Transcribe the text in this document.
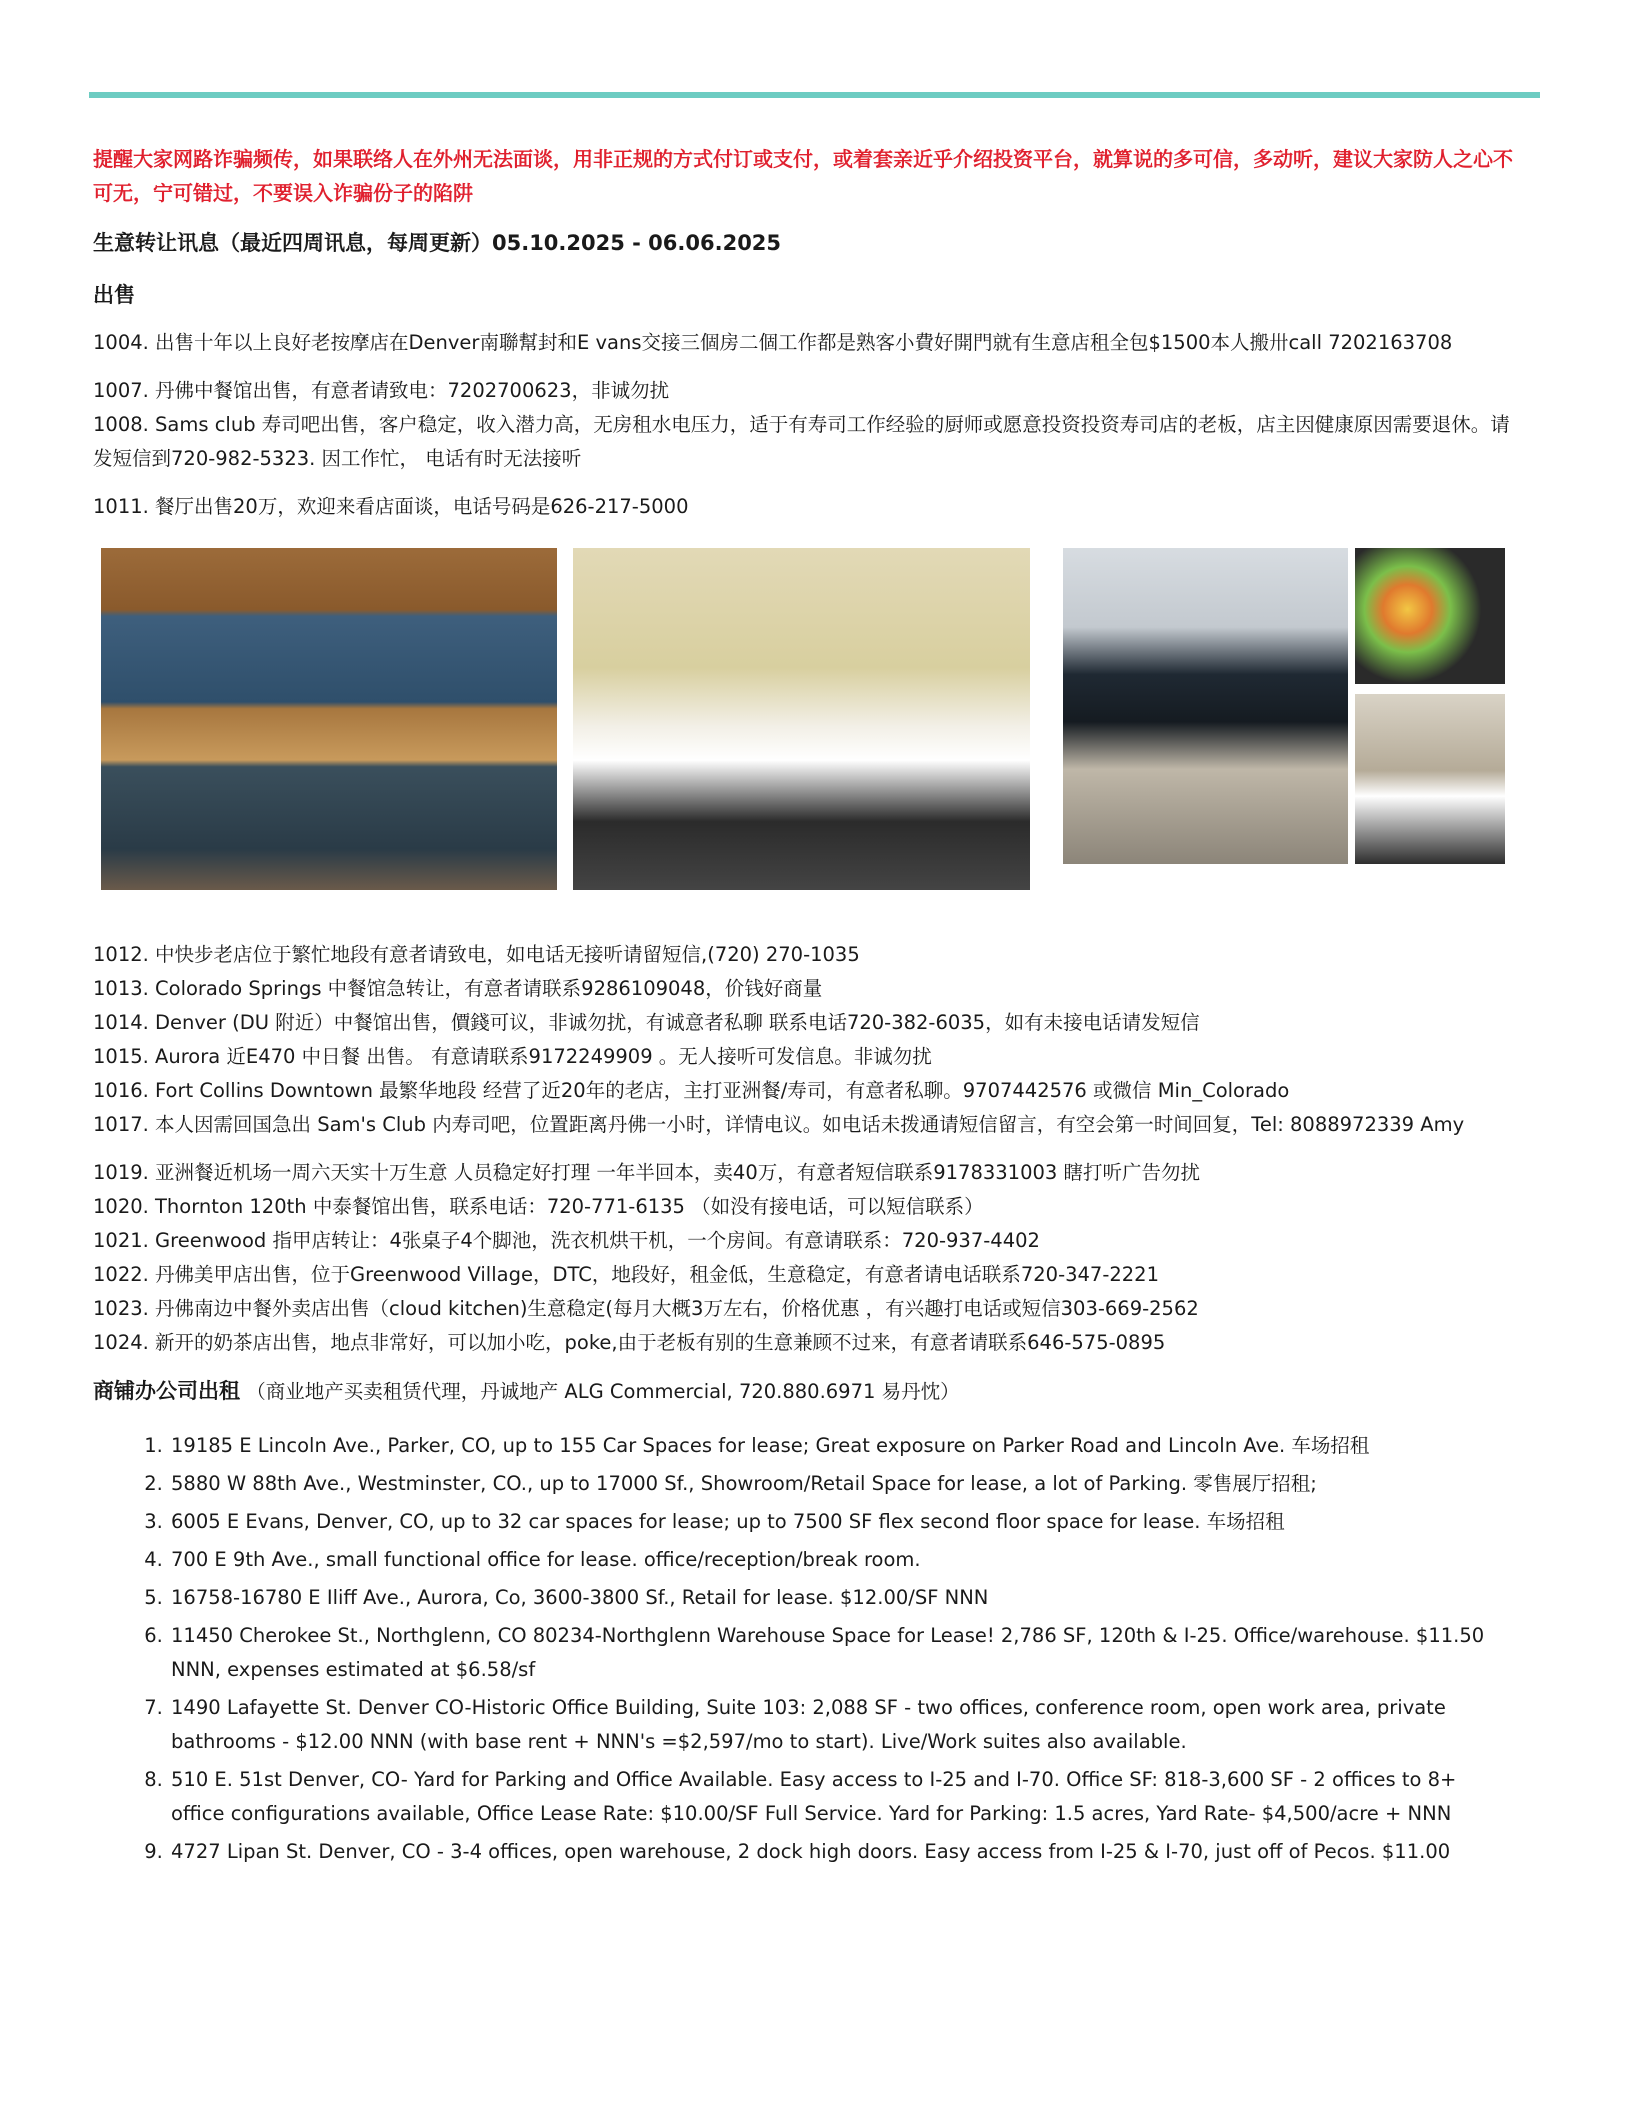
提醒大家网路诈骗频传，如果联络人在外州无法面谈，用非正规的方式付订或支付，或着套亲近乎介绍投资平台，就算说的多可信，多动听，建议大家防人之心不可无，宁可错过，不要误入诈骗份子的陷阱

生意转让讯息（最近四周讯息，每周更新）05.10.2025 - 06.06.2025

出售

1004. 出售十年以上良好老按摩店在Denver南聯幫封和E vans交接三個房二個工作都是熟客小費好開門就有生意店租全包$1500本人搬卅call 7202163708

1007. 丹佛中餐馆出售，有意者请致电：7202700623，非诚勿扰

1008. Sams club 寿司吧出售，客户稳定，收入潜力高，无房租水电压力，适于有寿司工作经验的厨师或愿意投资投资寿司店的老板，店主因健康原因需要退休。请发短信到720-982-5323. 因工作忙， 电话有时无法接听

1011. 餐厅出售20万，欢迎来看店面谈，电话号码是626-217-5000

1012. 中快步老店位于繁忙地段有意者请致电，如电话无接听请留短信,(720) 270-1035

1013. Colorado Springs 中餐馆急转让，有意者请联系9286109048，价钱好商量

1014. Denver (DU 附近）中餐馆出售，價錢可议，非诚勿扰，有诚意者私聊 联系电话720-382-6035，如有未接电话请发短信

1015. Aurora 近E470 中日餐 出售。 有意请联系9172249909 。无人接听可发信息。非诚勿扰

1016. Fort Collins Downtown 最繁华地段 经营了近20年的老店，主打亚洲餐/寿司，有意者私聊。9707442576 或微信 Min_Colorado

1017. 本人因需回国急出 Sam's Club 内寿司吧，位置距离丹佛一小时，详情电议。如电话未拨通请短信留言，有空会第一时间回复，Tel: 8088972339 Amy

1019. 亚洲餐近机场一周六天实十万生意 人员稳定好打理 一年半回本，卖40万，有意者短信联系9178331003 瞎打听广告勿扰

1020. Thornton 120th 中泰餐馆出售，联系电话：720-771-6135 （如没有接电话，可以短信联系）

1021. Greenwood 指甲店转让：4张桌子4个脚池，洗衣机烘干机，一个房间。有意请联系：720-937-4402

1022. 丹佛美甲店出售，位于Greenwood Village，DTC，地段好，租金低，生意稳定，有意者请电话联系720-347-2221

1023. 丹佛南边中餐外卖店出售（cloud kitchen)生意稳定(每月大概3万左右，价格优惠 ，有兴趣打电话或短信303-669-2562

1024. 新开的奶茶店出售，地点非常好，可以加小吃，poke,由于老板有别的生意兼顾不过来，有意者请联系646-575-0895

商铺办公司出租 （商业地产买卖租赁代理，丹诚地产 ALG Commercial, 720.880.6971 易丹忱）

1. 19185 E Lincoln Ave., Parker, CO, up to 155 Car Spaces for lease; Great exposure on Parker Road and Lincoln Ave. 车场招租
2. 5880 W 88th Ave., Westminster, CO., up to 17000 Sf., Showroom/Retail Space for lease, a lot of Parking. 零售展厅招租;
3. 6005 E Evans, Denver, CO, up to 32 car spaces for lease; up to 7500 SF flex second floor space for lease. 车场招租
4. 700 E 9th Ave., small functional office for lease. office/reception/break room.
5. 16758-16780 E Iliff Ave., Aurora, Co, 3600-3800 Sf., Retail for lease. $12.00/SF NNN
6. 11450 Cherokee St., Northglenn, CO 80234-Northglenn Warehouse Space for Lease! 2,786 SF, 120th & I-25. Office/warehouse. $11.50 NNN, expenses estimated at $6.58/sf
7. 1490 Lafayette St. Denver CO-Historic Office Building, Suite 103: 2,088 SF - two offices, conference room, open work area, private bathrooms - $12.00 NNN (with base rent + NNN's =$2,597/mo to start). Live/Work suites also available.
8. 510 E. 51st Denver, CO- Yard for Parking and Office Available. Easy access to I-25 and I-70. Office SF: 818-3,600 SF - 2 offices to 8+ office configurations available, Office Lease Rate: $10.00/SF Full Service. Yard for Parking: 1.5 acres, Yard Rate- $4,500/acre + NNN
9. 4727 Lipan St. Denver, CO - 3-4 offices, open warehouse, 2 dock high doors. Easy access from I-25 & I-70, just off of Pecos. $11.00
